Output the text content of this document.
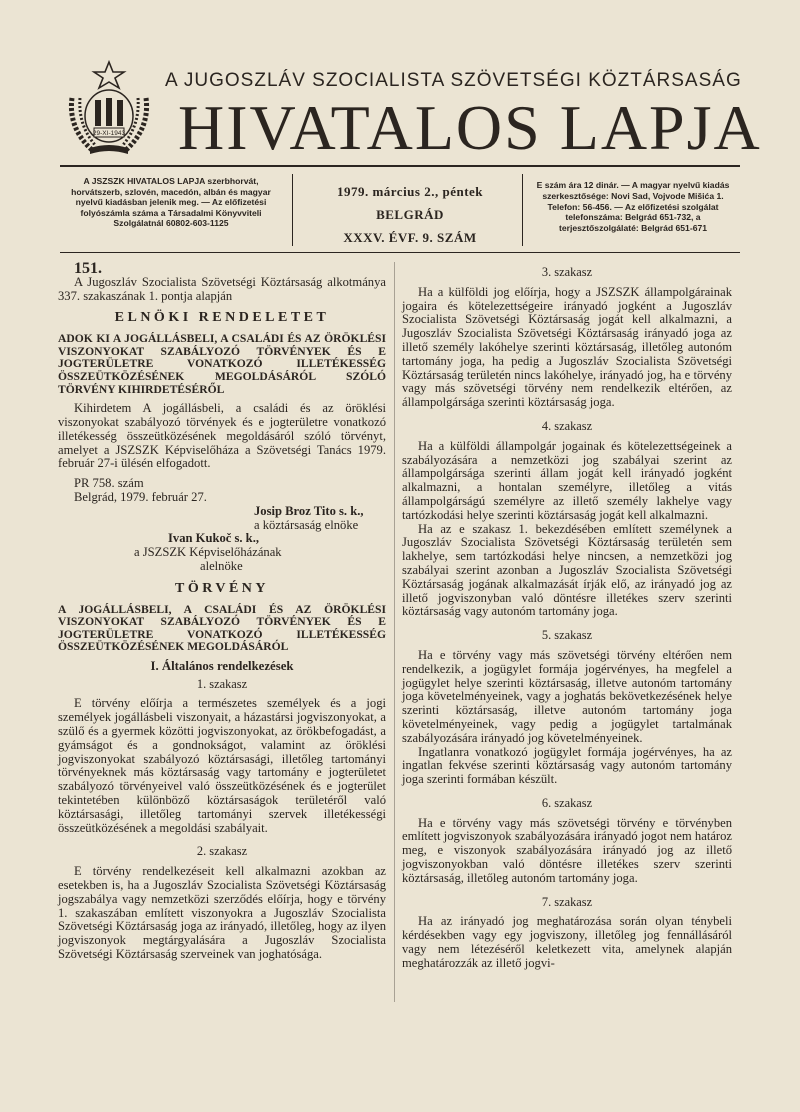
29-XI-1943
A JUGOSZLÁV SZOCIALISTA SZÖVETSÉGI KÖZTÁRSASÁG
HIVATALOS LAPJA
A JSZSZK HIVATALOS LAPJA szerbhorvát, horvátszerb, szlovén, macedón, albán és magyar nyelvű kiadásban jelenik meg. — Az előfizetési folyószámla száma a Társadalmi Könyvviteli Szolgálatnál 60802-603-1125
1979. március 2., péntek
BELGRÁD
XXXV. ÉVF. 9. SZÁM
E szám ára 12 dinár. — A magyar nyelvű kiadás szerkesztősége: Novi Sad, Vojvode Mišića 1. Telefon: 56-456. — Az előfizetési szolgálat telefonszáma: Belgrád 651-732, a terjesztőszolgálaté: Belgrád 651-671

151.

A Jugoszláv Szocialista Szövetségi Köztársaság alkotmánya 337. szakaszának 1. pontja alapján

ELNÖKI RENDELETET

ADOK KI A JOGÁLLÁSBELI, A CSALÁDI ÉS AZ ÖRÖKLÉSI VISZONYOKAT SZABÁLYOZÓ TÖRVÉNYEK ÉS E JOGTERÜLETRE VONATKOZÓ ILLETÉKESSÉG ÖSSZEÜTKÖZÉSÉNEK MEGOLDÁSÁRÓL SZÓLÓ TÖRVÉNY KIHIRDETÉSÉRŐL

Kihirdetem A jogállásbeli, a családi és az öröklési viszonyokat szabályozó törvények és e jogterületre vonatkozó illetékesség összeütközésének megoldásáról szóló törvényt, amelyet a JSZSZK Képviselőháza a Szövetségi Tanács 1979. február 27-i ülésén elfogadott.

PR 758. szám

Belgrád, 1979. február 27.

Josip Broz Tito s. k.,

a köztársaság elnöke

Ivan Kukoč s. k.,

a JSZSZK Képviselőházának

alelnöke

TÖRVÉNY

A JOGÁLLÁSBELI, A CSALÁDI ÉS AZ ÖRÖKLÉSI VISZONYOKAT SZABÁLYOZÓ TÖRVÉNYEK ÉS E JOGTERÜLETRE VONATKOZÓ ILLETÉKESSÉG ÖSSZEÜTKÖZÉSÉNEK MEGOLDÁSÁRÓL

I. Általános rendelkezések
1. szakasz

E törvény előírja a természetes személyek és a jogi személyek jogállásbeli viszonyait, a házastársi jogviszonyokat, a szülő és a gyermek közötti jogviszonyokat, az örökbefogadást, a gyámságot és a gondnokságot, valamint az öröklési jogviszonyokat szabályozó köztársasági, illetőleg tartományi törvényeknek más köztársaság vagy tartomány e jogterületet szabályozó törvényeivel való összeütközésének és e jogterület tekintetében különböző köztársaságok területéről való köztársasági, illetőleg tartományi szervek illetékességi összeütközésének a megoldási szabályait.

2. szakasz

E törvény rendelkezéseit kell alkalmazni azokban az esetekben is, ha a Jugoszláv Szocialista Szövetségi Köztársaság jogszabálya vagy nemzetközi szerződés előírja, hogy e törvény 1. szakaszában említett viszonyokra a Jugoszláv Szocialista Szövetségi Köztársaság joga az irányadó, illetőleg, hogy az ilyen jogviszonyok megtárgyalására a Jugoszláv Szocialista Szövetségi Köztársaság szerveinek van joghatósága.

3. szakasz

Ha a külföldi jog előírja, hogy a JSZSZK állampolgárainak jogaira és kötelezettségeire irányadó jogként a Jugoszláv Szocialista Szövetségi Köztársaság jogát kell alkalmazni, a Jugoszláv Szocialista Szövetségi Köztársaság irányadó joga az illető személy lakóhelye szerinti köztársaság, illetőleg autonóm tartomány joga, ha pedig a Jugoszláv Szocialista Szövetségi Köztársaság területén nincs lakóhelye, irányadó jog, ha e törvény vagy más szövetségi törvény nem rendelkezik eltérően, az állampolgársága szerinti köztársaság joga.

4. szakasz

Ha a külföldi állampolgár jogainak és kötelezettségeinek a szabályozására a nemzetközi jog szabályai szerint az állampolgársága szerinti állam jogát kell irányadó jogként alkalmazni, a hontalan személyre, illetőleg a vitás állampolgárságú személyre az illető személy lakhelye vagy tartózkodási helye szerinti köztársaság jogát kell alkalmazni.

Ha az e szakasz 1. bekezdésében említett személynek a Jugoszláv Szocialista Szövetségi Köztársaság területén sem lakhelye, sem tartózkodási helye nincsen, a nemzetközi jog szabályai szerint azonban a Jugoszláv Szocialista Szövetségi Köztársaság jogának alkalmazását írják elő, az irányadó jog az illető jogviszonyban való döntésre illetékes szerv szerinti köztársaság vagy autonóm tartomány joga.

5. szakasz

Ha e törvény vagy más szövetségi törvény eltérően nem rendelkezik, a jogügylet formája jogérvényes, ha megfelel a jogügylet helye szerinti köztársaság, illetve autonóm tartomány joga követelményeinek, vagy a joghatás bekövetkezésének helye szerinti köztársaság, illetve autonóm tartomány joga követelményeinek, vagy pedig a jogügylet tartalmának szabályozására irányadó jog követelményeinek.

Ingatlanra vonatkozó jogügylet formája jogérvényes, ha az ingatlan fekvése szerinti köztársaság vagy autonóm tartomány joga szerinti formában készült.

6. szakasz

Ha e törvény vagy más szövetségi törvény e törvényben említett jogviszonyok szabályozására irányadó jogot nem határoz meg, e viszonyok szabályozására irányadó jog az illető jogviszonyokban való döntésre illetékes szerv szerinti köztársaság, illetőleg autonóm tartomány joga.

7. szakasz

Ha az irányadó jog meghatározása során olyan ténybeli kérdésekben vagy egy jogviszony, illetőleg jog fennállásáról vagy nem létezéséről keletkezett vita, amelynek alapján meghatározzák az illető jogvi-
